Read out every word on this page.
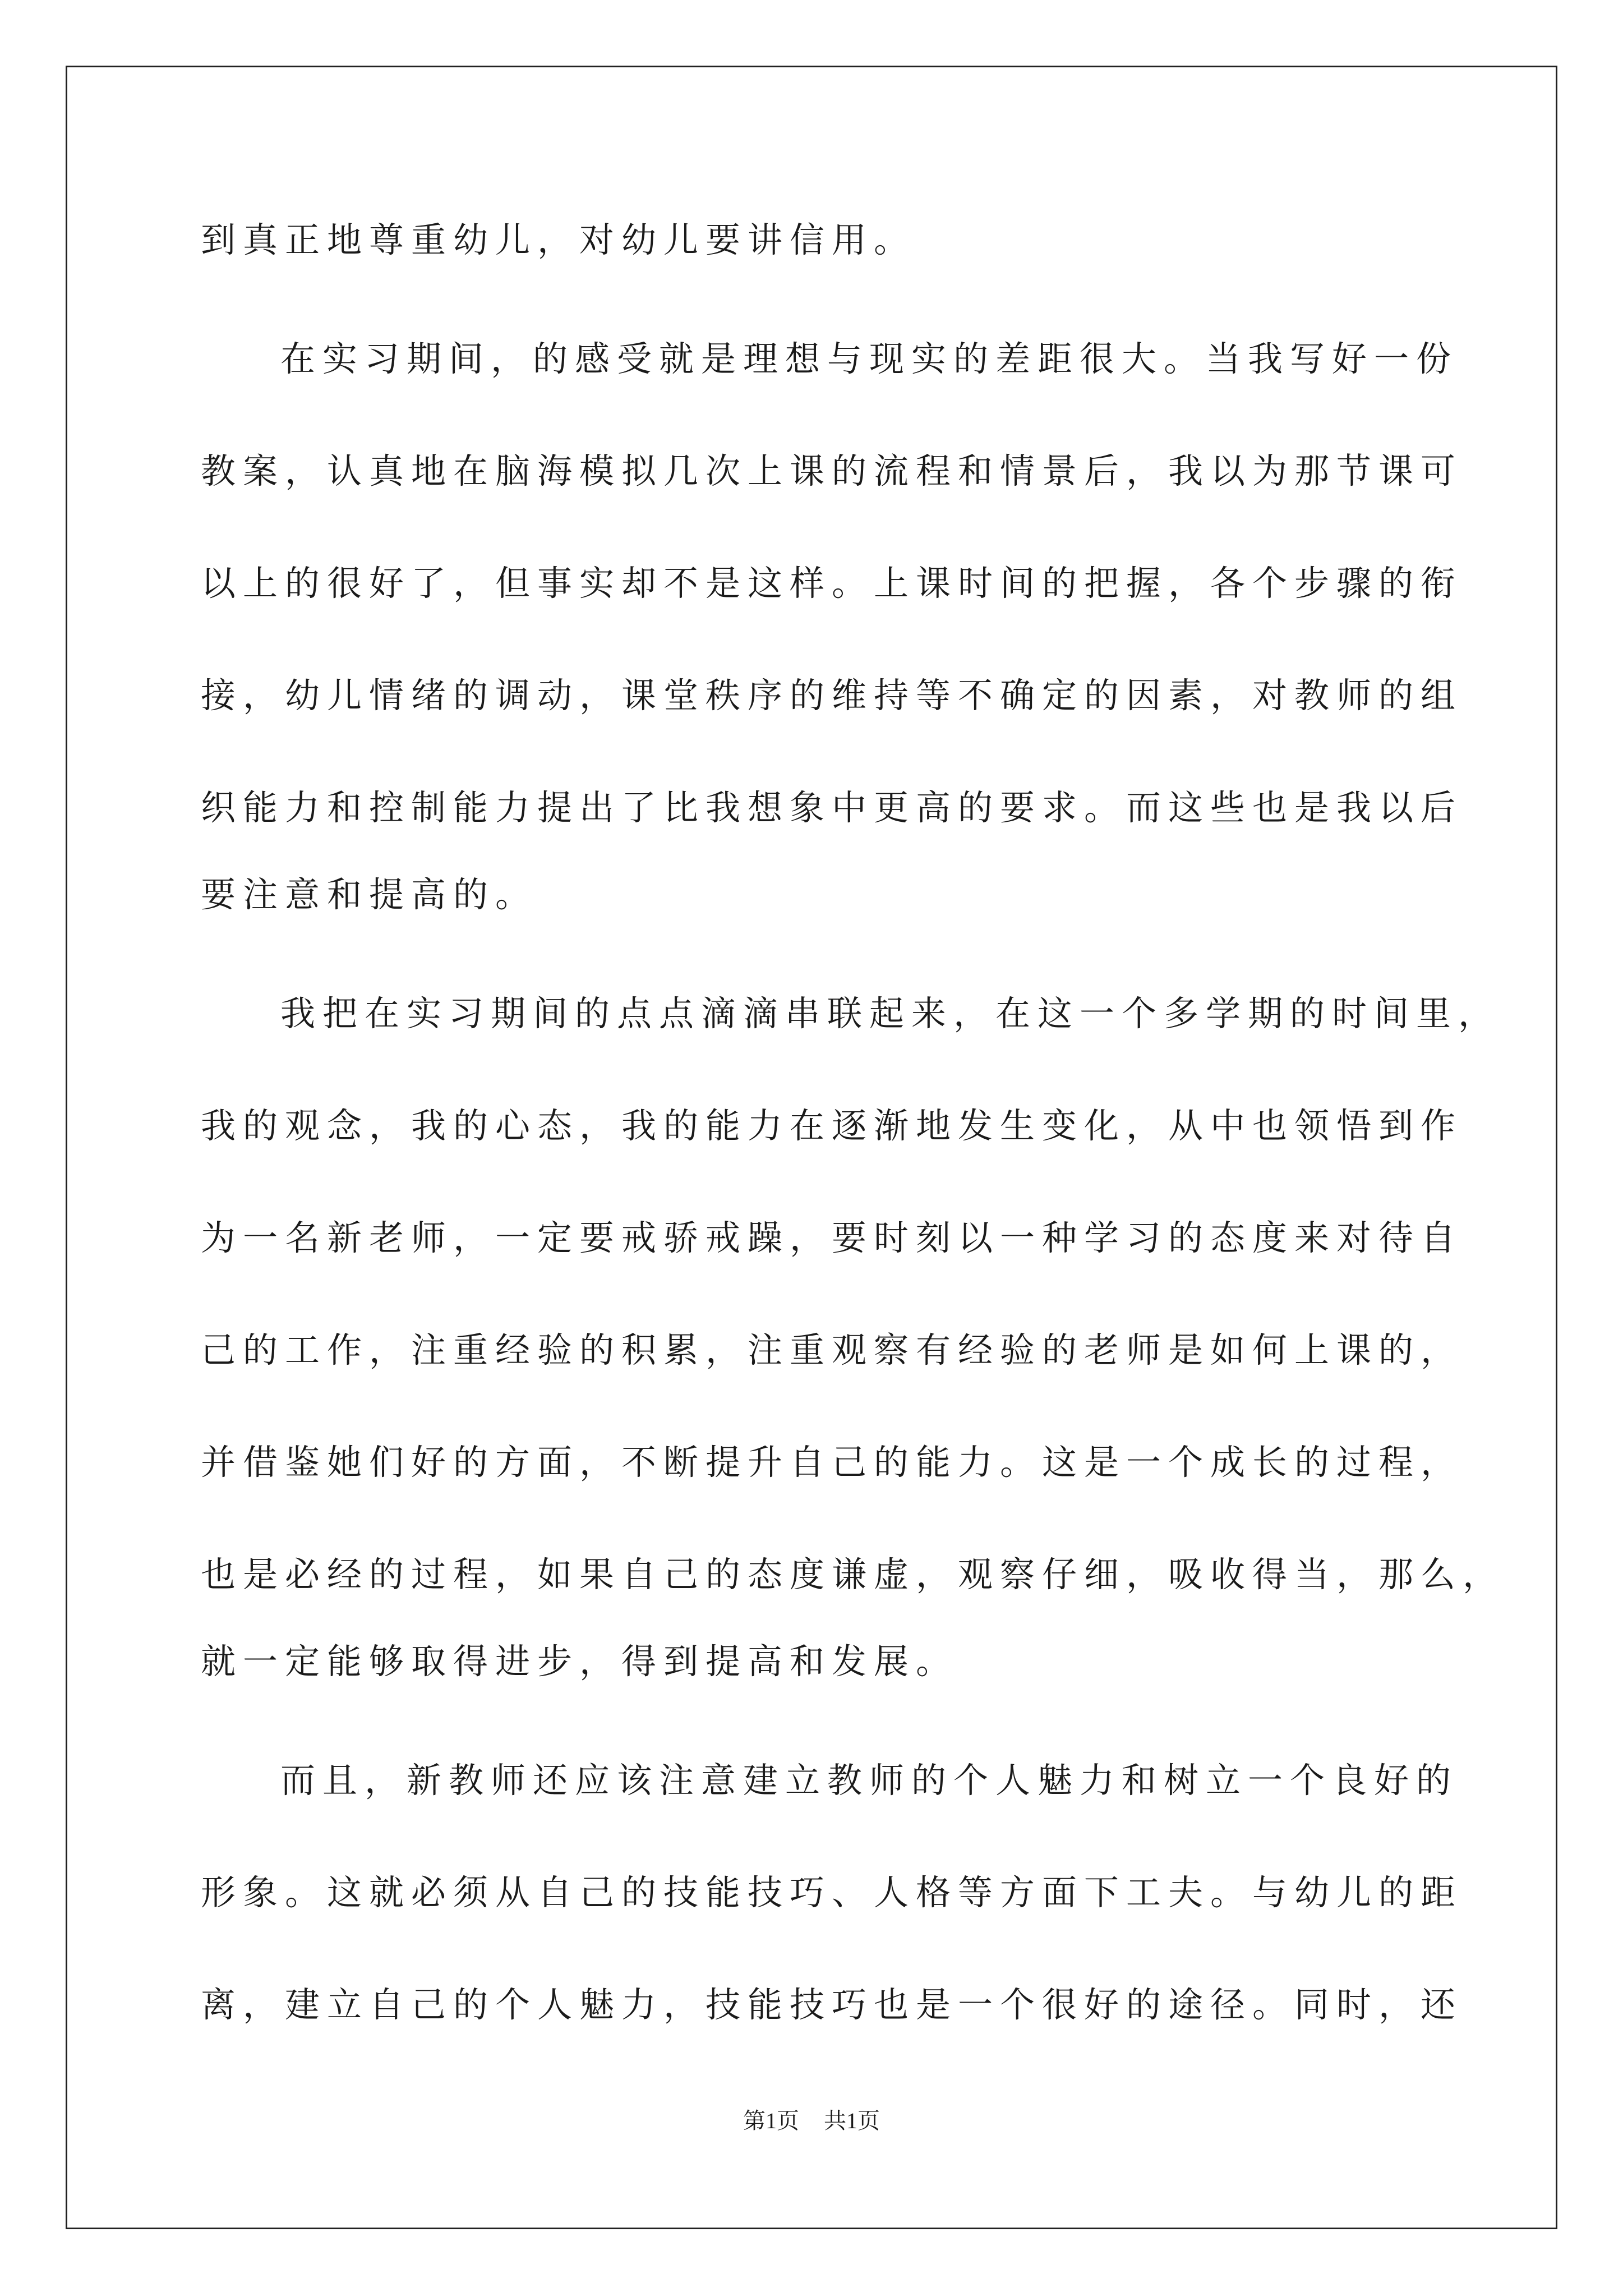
到真正地尊重幼儿，对幼儿要讲信用。
在实习期间，的感受就是理想与现实的差距很大。当我写好一份
教案，认真地在脑海模拟几次上课的流程和情景后，我以为那节课可
以上的很好了，但事实却不是这样。上课时间的把握，各个步骤的衔
接，幼儿情绪的调动，课堂秩序的维持等不确定的因素，对教师的组
织能力和控制能力提出了比我想象中更高的要求。而这些也是我以后
要注意和提高的。
我把在实习期间的点点滴滴串联起来，在这一个多学期的时间里，
我的观念，我的心态，我的能力在逐渐地发生变化，从中也领悟到作
为一名新老师，一定要戒骄戒躁，要时刻以一种学习的态度来对待自
己的工作，注重经验的积累，注重观察有经验的老师是如何上课的，
并借鉴她们好的方面，不断提升自己的能力。这是一个成长的过程，
也是必经的过程，如果自己的态度谦虚，观察仔细，吸收得当，那么，
就一定能够取得进步，得到提高和发展。
而且，新教师还应该注意建立教师的个人魅力和树立一个良好的
形象。这就必须从自己的技能技巧、人格等方面下工夫。与幼儿的距
离，建立自己的个人魅力，技能技巧也是一个很好的途径。同时，还
第1页 共1页
